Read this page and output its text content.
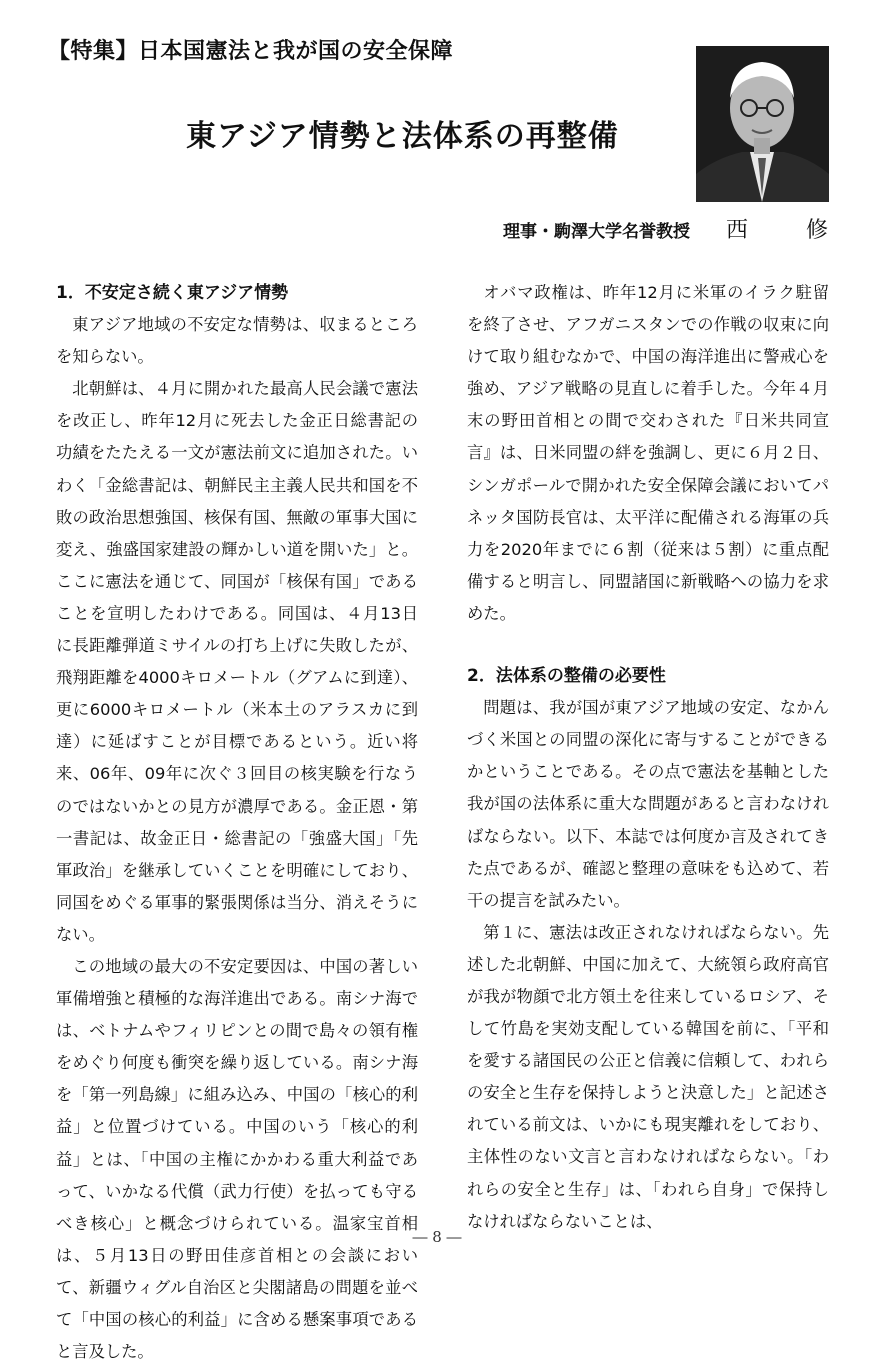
【特集】日本国憲法と我が国の安全保障
東アジア情勢と法体系の再整備
理事・駒澤大学名誉教授 西　修
1．不安定さ続く東アジア情勢

東アジア地域の不安定な情勢は、収まるところを知らない。

北朝鮮は、４月に開かれた最高人民会議で憲法を改正し、昨年12月に死去した金正日総書記の功績をたたえる一文が憲法前文に追加された。いわく「金総書記は、朝鮮民主主義人民共和国を不敗の政治思想強国、核保有国、無敵の軍事大国に変え、強盛国家建設の輝かしい道を開いた」と。ここに憲法を通じて、同国が「核保有国」であることを宣明したわけである。同国は、４月13日に長距離弾道ミサイルの打ち上げに失敗したが、飛翔距離を4000キロメートル（グアムに到達）、更に6000キロメートル（米本土のアラスカに到達）に延ばすことが目標であるという。近い将来、06年、09年に次ぐ３回目の核実験を行なうのではないかとの見方が濃厚である。金正恩・第一書記は、故金正日・総書記の「強盛大国」「先軍政治」を継承していくことを明確にしており、同国をめぐる軍事的緊張関係は当分、消えそうにない。

この地域の最大の不安定要因は、中国の著しい軍備増強と積極的な海洋進出である。南シナ海では、ベトナムやフィリピンとの間で島々の領有権をめぐり何度も衝突を繰り返している。南シナ海を「第一列島線」に組み込み、中国の「核心的利益」と位置づけている。中国のいう「核心的利益」とは、「中国の主権にかかわる重大利益であって、いかなる代償（武力行使）を払っても守るべき核心」と概念づけられている。温家宝首相は、５月13日の野田佳彦首相との会談において、新疆ウィグル自治区と尖閣諸島の問題を並べて「中国の核心的利益」に含める懸案事項であると言及した。

オバマ政権は、昨年12月に米軍のイラク駐留を終了させ、アフガニスタンでの作戦の収束に向けて取り組むなかで、中国の海洋進出に警戒心を強め、アジア戦略の見直しに着手した。今年４月末の野田首相との間で交わされた『日米共同宣言』は、日米同盟の絆を強調し、更に６月２日、シンガポールで開かれた安全保障会議においてパネッタ国防長官は、太平洋に配備される海軍の兵力を2020年までに６割（従来は５割）に重点配備すると明言し、同盟諸国に新戦略への協力を求めた。

2．法体系の整備の必要性

問題は、我が国が東アジア地域の安定、なかんづく米国との同盟の深化に寄与することができるかということである。その点で憲法を基軸とした我が国の法体系に重大な問題があると言わなければならない。以下、本誌では何度か言及されてきた点であるが、確認と整理の意味をも込めて、若干の提言を試みたい。

第１に、憲法は改正されなければならない。先述した北朝鮮、中国に加えて、大統領ら政府高官が我が物顔で北方領土を往来しているロシア、そして竹島を実効支配している韓国を前に、「平和を愛する諸国民の公正と信義に信頼して、われらの安全と生存を保持しようと決意した」と記述されている前文は、いかにも現実離れをしており、主体性のない文言と言わなければならない。「われらの安全と生存」は、「われら自身」で保持しなければならないことは、

― 8 ―
